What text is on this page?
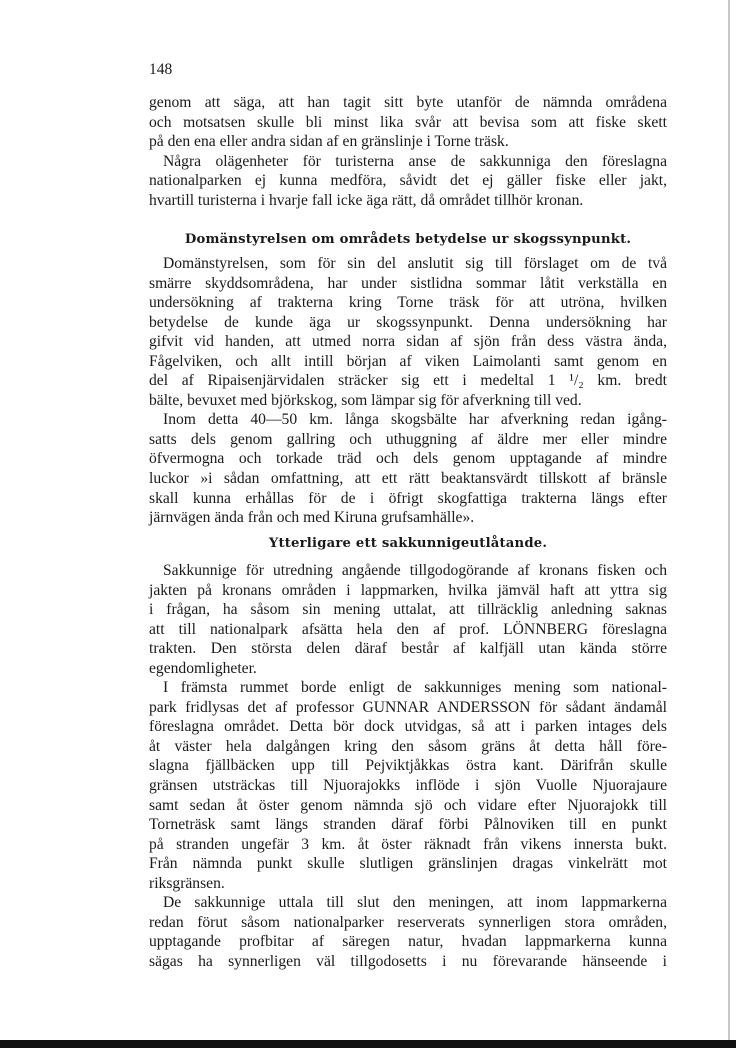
148
genom att säga, att han tagit sitt byte utanför de nämnda områdena
och motsatsen skulle bli minst lika svår att bevisa som att fiske skett
på den ena eller andra sidan af en gränslinje i Torne träsk.
Några olägenheter för turisterna anse de sakkunniga den föreslagna
nationalparken ej kunna medföra, såvidt det ej gäller fiske eller jakt,
hvartill turisterna i hvarje fall icke äga rätt, då området tillhör kronan.
Domänstyrelsen om områdets betydelse ur skogssynpunkt.
Domänstyrelsen, som för sin del anslutit sig till förslaget om de två
smärre skyddsområdena, har under sistlidna sommar låtit verkställa en
undersökning af trakterna kring Torne träsk för att utröna, hvilken
betydelse de kunde äga ur skogssynpunkt. Denna undersökning har
gifvit vid handen, att utmed norra sidan af sjön från dess västra ända,
Fågelviken, och allt intill början af viken Laimolanti samt genom en
del af Ripaisenjärvidalen sträcker sig ett i medeltal 1 ¹/₂ km. bredt
bälte, bevuxet med björkskog, som lämpar sig för afverkning till ved.
Inom detta 40—50 km. långa skogsbälte har afverkning redan igång-
satts dels genom gallring och uthuggning af äldre mer eller mindre
öfvermogna och torkade träd och dels genom upptagande af mindre
luckor »i sådan omfattning, att ett rätt beaktansvärdt tillskott af bränsle
skall kunna erhållas för de i öfrigt skogfattiga trakterna längs efter
järnvägen ända från och med Kiruna grufsamhälle».
Ytterligare ett sakkunnigeutlåtande.
Sakkunnige för utredning angående tillgodogörande af kronans fisken och
jakten på kronans områden i lappmarken, hvilka jämväl haft att yttra sig
i frågan, ha såsom sin mening uttalat, att tillräcklig anledning saknas
att till nationalpark afsätta hela den af prof. LÖNNBERG föreslagna
trakten. Den största delen däraf består af kalfjäll utan kända större
egendomligheter.
I främsta rummet borde enligt de sakkunniges mening som national-
park fridlysas det af professor GUNNAR ANDERSSON för sådant ändamål
föreslagna området. Detta bör dock utvidgas, så att i parken intages dels
åt väster hela dalgången kring den såsom gräns åt detta håll före-
slagna fjällbäcken upp till Pejviktjåkkas östra kant. Därifrån skulle
gränsen utsträckas till Njuorajokks inflöde i sjön Vuolle Njuorajaure
samt sedan åt öster genom nämnda sjö och vidare efter Njuorajokk till
Torneträsk samt längs stranden däraf förbi Pålnoviken till en punkt
på stranden ungefär 3 km. åt öster räknadt från vikens innersta bukt.
Från nämnda punkt skulle slutligen gränslinjen dragas vinkelrätt mot
riksgränsen.
De sakkunnige uttala till slut den meningen, att inom lappmarkerna
redan förut såsom nationalparker reserverats synnerligen stora områden,
upptagande profbitar af säregen natur, hvadan lappmarkerna kunna
sägas ha synnerligen väl tillgodosetts i nu förevarande hänseende i
